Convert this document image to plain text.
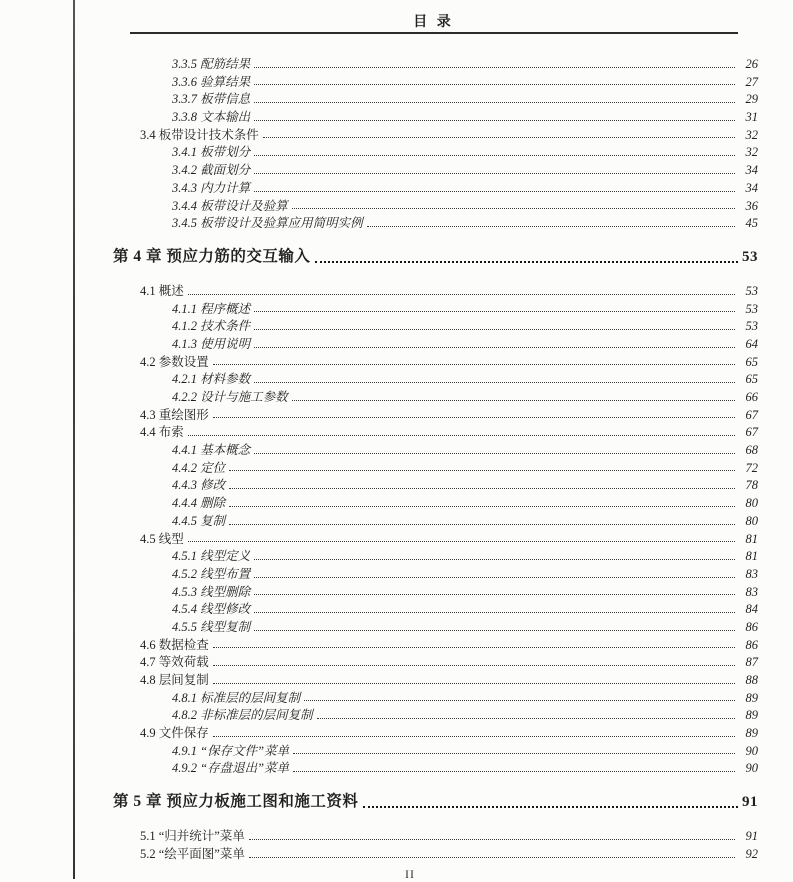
目 录
3.3.5 配筋结果	26
3.3.6 验算结果	27
3.3.7 板带信息	29
3.3.8 文本输出	31
3.4 板带设计技术条件	32
3.4.1 板带划分	32
3.4.2 截面划分	34
3.4.3 内力计算	34
3.4.4 板带设计及验算	36
3.4.5 板带设计及验算应用简明实例	45
第 4 章 预应力筋的交互输入	53
4.1 概述	53
4.1.1 程序概述	53
4.1.2 技术条件	53
4.1.3 使用说明	64
4.2 参数设置	65
4.2.1 材料参数	65
4.2.2 设计与施工参数	66
4.3 重绘图形	67
4.4 布索	67
4.4.1 基本概念	68
4.4.2 定位	72
4.4.3 修改	78
4.4.4 删除	80
4.4.5 复制	80
4.5 线型	81
4.5.1 线型定义	81
4.5.2 线型布置	83
4.5.3 线型删除	83
4.5.4 线型修改	84
4.5.5 线型复制	86
4.6 数据检查	86
4.7 等效荷载	87
4.8 层间复制	88
4.8.1 标准层的层间复制	89
4.8.2 非标准层的层间复制	89
4.9 文件保存	89
4.9.1 “保存文件”菜单	90
4.9.2 “存盘退出”菜单	90
第 5 章 预应力板施工图和施工资料	91
5.1 “归并统计”菜单	91
5.2 “绘平面图”菜单	92
II
